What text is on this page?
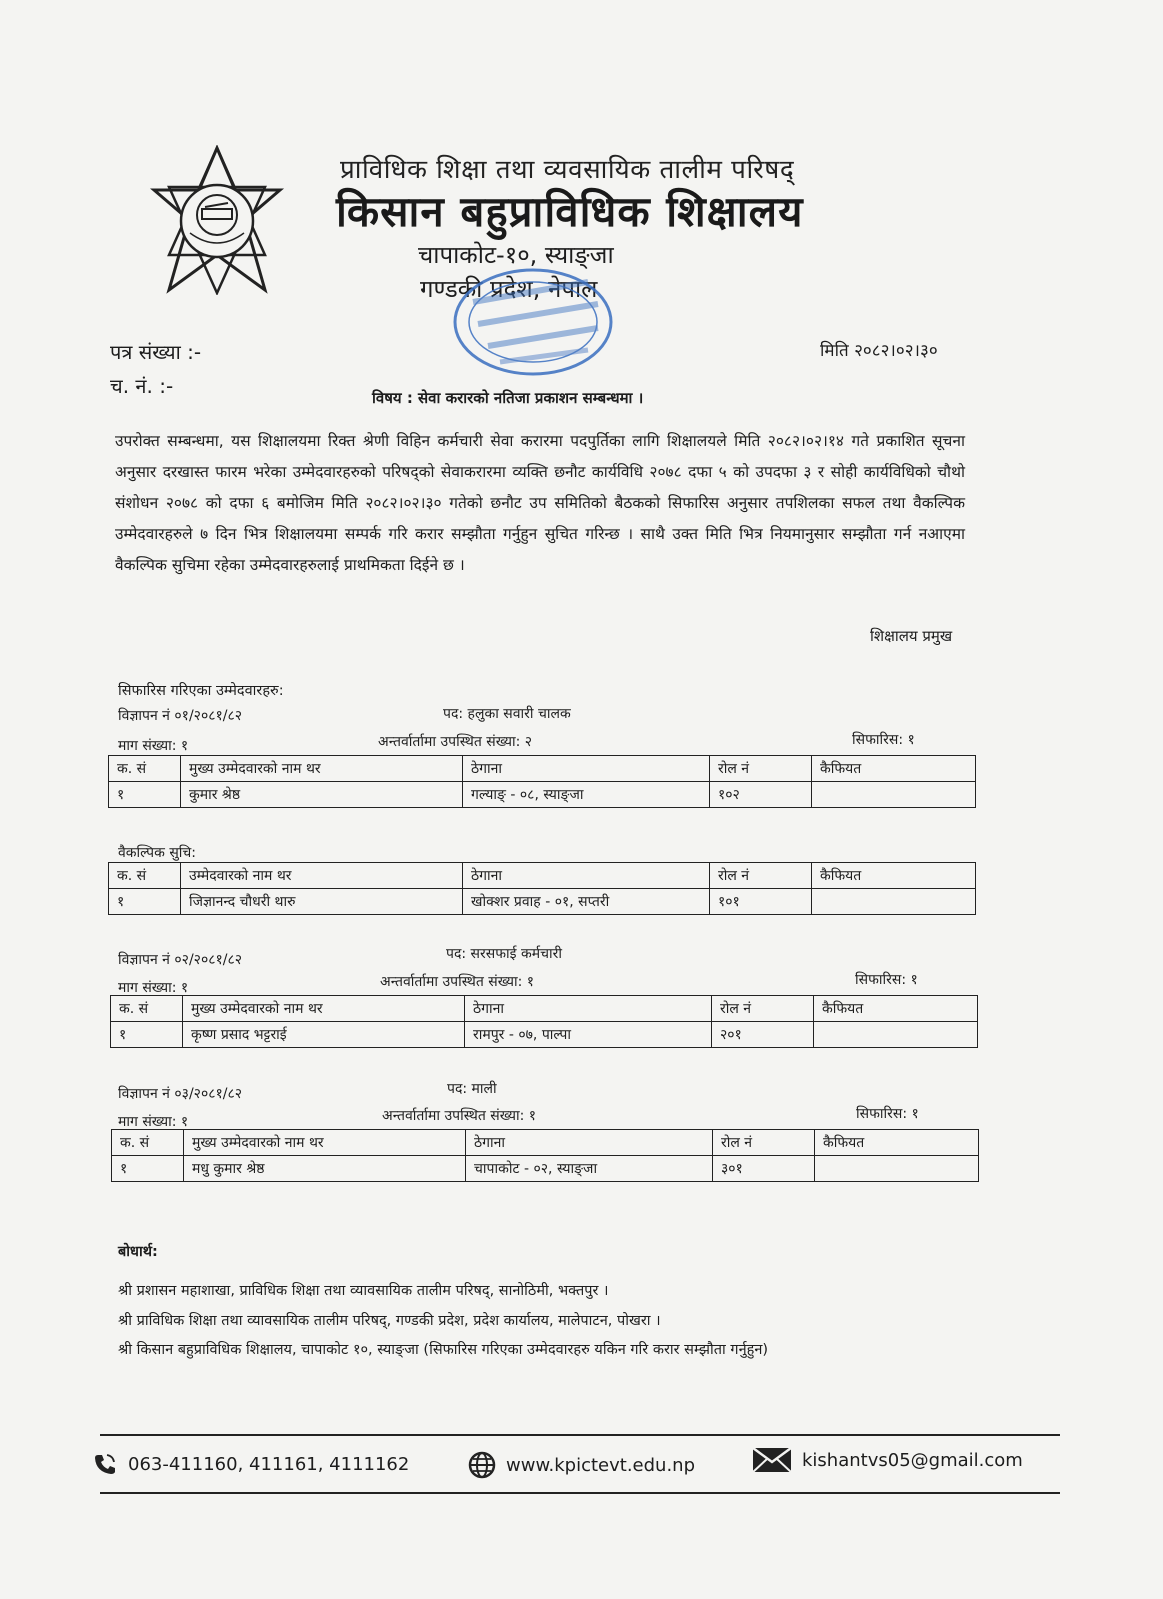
प्राविधिक शिक्षा तथा व्यवसायिक तालीम परिषद्
किसान बहुप्राविधिक शिक्षालय
चापाकोट-१०, स्याङ्जा
गण्डकी प्रदेश, नेपाल
पत्र संख्या :-
च. नं. :-
मिति २०८२।०२।३०
विषय : सेवा करारको नतिजा प्रकाशन सम्बन्धमा ।
उपरोक्त सम्बन्धमा, यस शिक्षालयमा रिक्त श्रेणी विहिन कर्मचारी सेवा करारमा पदपुर्तिका लागि शिक्षालयले मिति २०८२।०२।१४ गते प्रकाशित सूचना अनुसार दरखास्त फारम भरेका उम्मेदवारहरुको परिषद्को सेवाकरारमा व्यक्ति छनौट कार्यविधि २०७८ दफा ५ को उपदफा ३ र सोही कार्यविधिको चौथो संशोधन २०७८ को दफा ६ बमोजिम मिति २०८२।०२।३० गतेको छनौट उप समितिको बैठकको सिफारिस अनुसार तपशिलका सफल तथा वैकल्पिक उम्मेदवारहरुले ७ दिन भित्र शिक्षालयमा सम्पर्क गरि करार सम्झौता गर्नुहुन सुचित गरिन्छ । साथै उक्त मिति भित्र नियमानुसार सम्झौता गर्न नआएमा वैकल्पिक सुचिमा रहेका उम्मेदवारहरुलाई प्राथमिकता दिईने छ ।
शिक्षालय प्रमुख
सिफारिस गरिएका उम्मेदवारहरु:
विज्ञापन नं ०१/२०८१/८२	पद: हलुका सवारी चालक
माग संख्या: १	अन्तर्वार्तामा उपस्थित संख्या: २	सिफारिस: १
क. सं	मुख्य उम्मेदवारको नाम थर	ठेगाना	रोल नं	कैफियत
१	कुमार श्रेष्ठ	गल्याङ् - ०८, स्याङ्जा	१०२	
वैकल्पिक सुचि:
क. सं	उम्मेदवारको नाम थर	ठेगाना	रोल नं	कैफियत
१	जिज्ञानन्द चौधरी थारु	खोक्शर प्रवाह - ०१, सप्तरी	१०१	
विज्ञापन नं ०२/२०८१/८२	पद: सरसफाई कर्मचारी
माग संख्या: १	अन्तर्वार्तामा उपस्थित संख्या: १	सिफारिस: १
क. सं	मुख्य उम्मेदवारको नाम थर	ठेगाना	रोल नं	कैफियत
१	कृष्ण प्रसाद भट्टराई	रामपुर - ०७, पाल्पा	२०१	
विज्ञापन नं ०३/२०८१/८२	पद: माली
माग संख्या: १	अन्तर्वार्तामा उपस्थित संख्या: १	सिफारिस: १
क. सं	मुख्य उम्मेदवारको नाम थर	ठेगाना	रोल नं	कैफियत
१	मधु कुमार श्रेष्ठ	चापाकोट - ०२, स्याङ्जा	३०१	
बोधार्थ:
श्री प्रशासन महाशाखा, प्राविधिक शिक्षा तथा व्यावसायिक तालीम परिषद्, सानोठिमी, भक्तपुर ।
श्री प्राविधिक शिक्षा तथा व्यावसायिक तालीम परिषद्, गण्डकी प्रदेश, प्रदेश कार्यालय, मालेपाटन, पोखरा ।
श्री किसान बहुप्राविधिक शिक्षालय, चापाकोट १०, स्याङ्जा (सिफारिस गरिएका उम्मेदवारहरु यकिन गरि करार सम्झौता गर्नुहुन)
063-411160, 411161, 4111162	www.kpictevt.edu.np	kishantvs05@gmail.com
